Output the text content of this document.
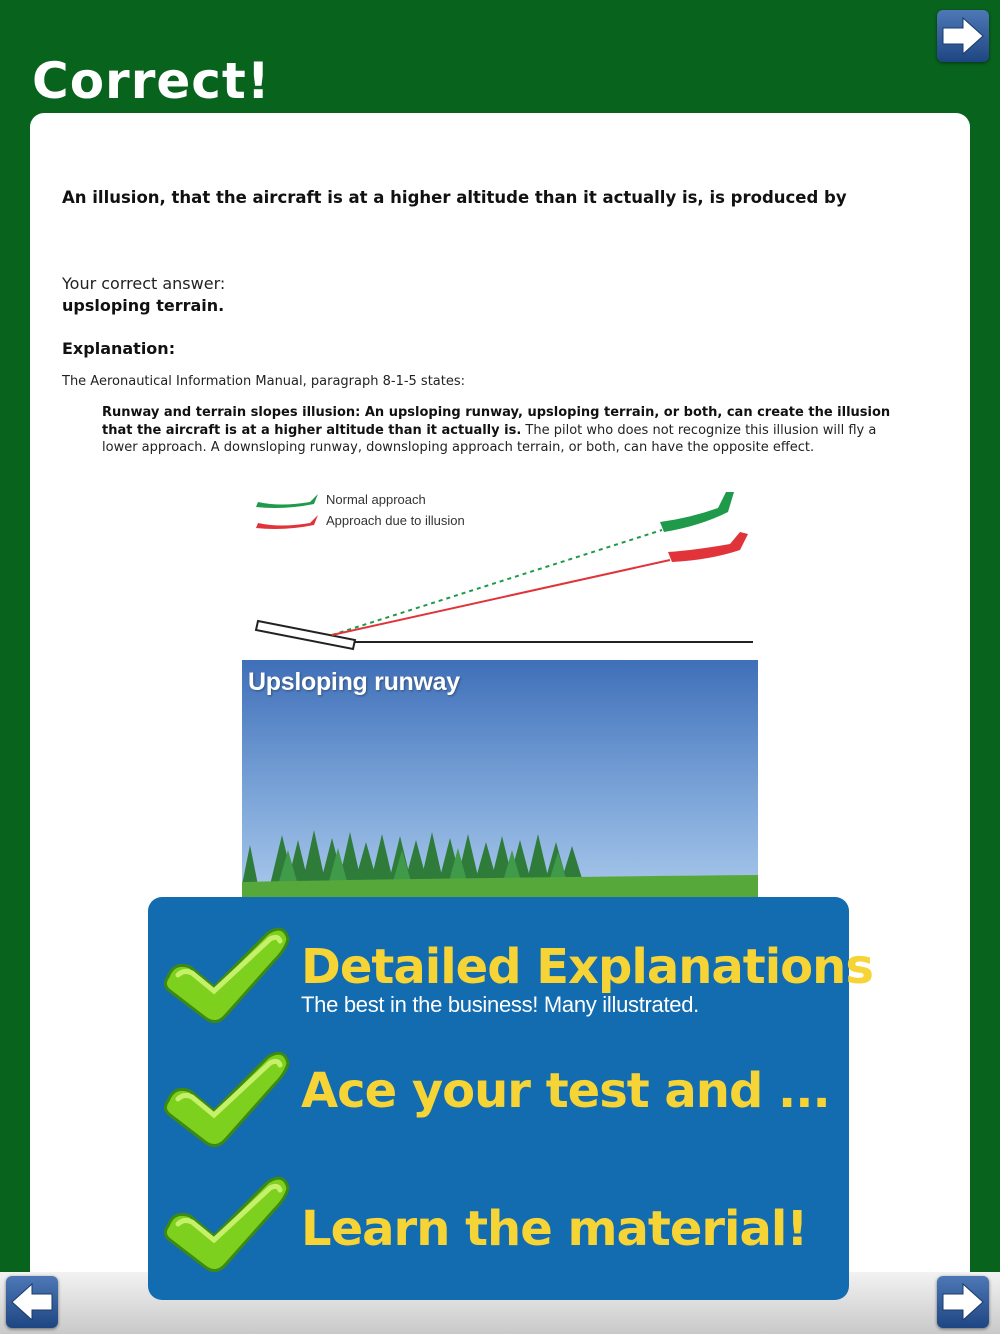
Correct!
An illusion, that the aircraft is at a higher altitude than it actually is, is produced by
Your correct answer:
upsloping terrain.
Explanation:
The Aeronautical Information Manual, paragraph 8-1-5 states:
Runway and terrain slopes illusion: An upsloping runway, upsloping terrain, or both, can create the illusion that the aircraft is at a higher altitude than it actually is. The pilot who does not recognize this illusion will fly a lower approach. A downsloping runway, downsloping approach terrain, or both, can have the opposite effect.
Normal approach
Approach due to illusion
Upsloping runway
Detailed Explanations
The best in the business! Many illustrated.
Ace your test and ...
Learn the material!
